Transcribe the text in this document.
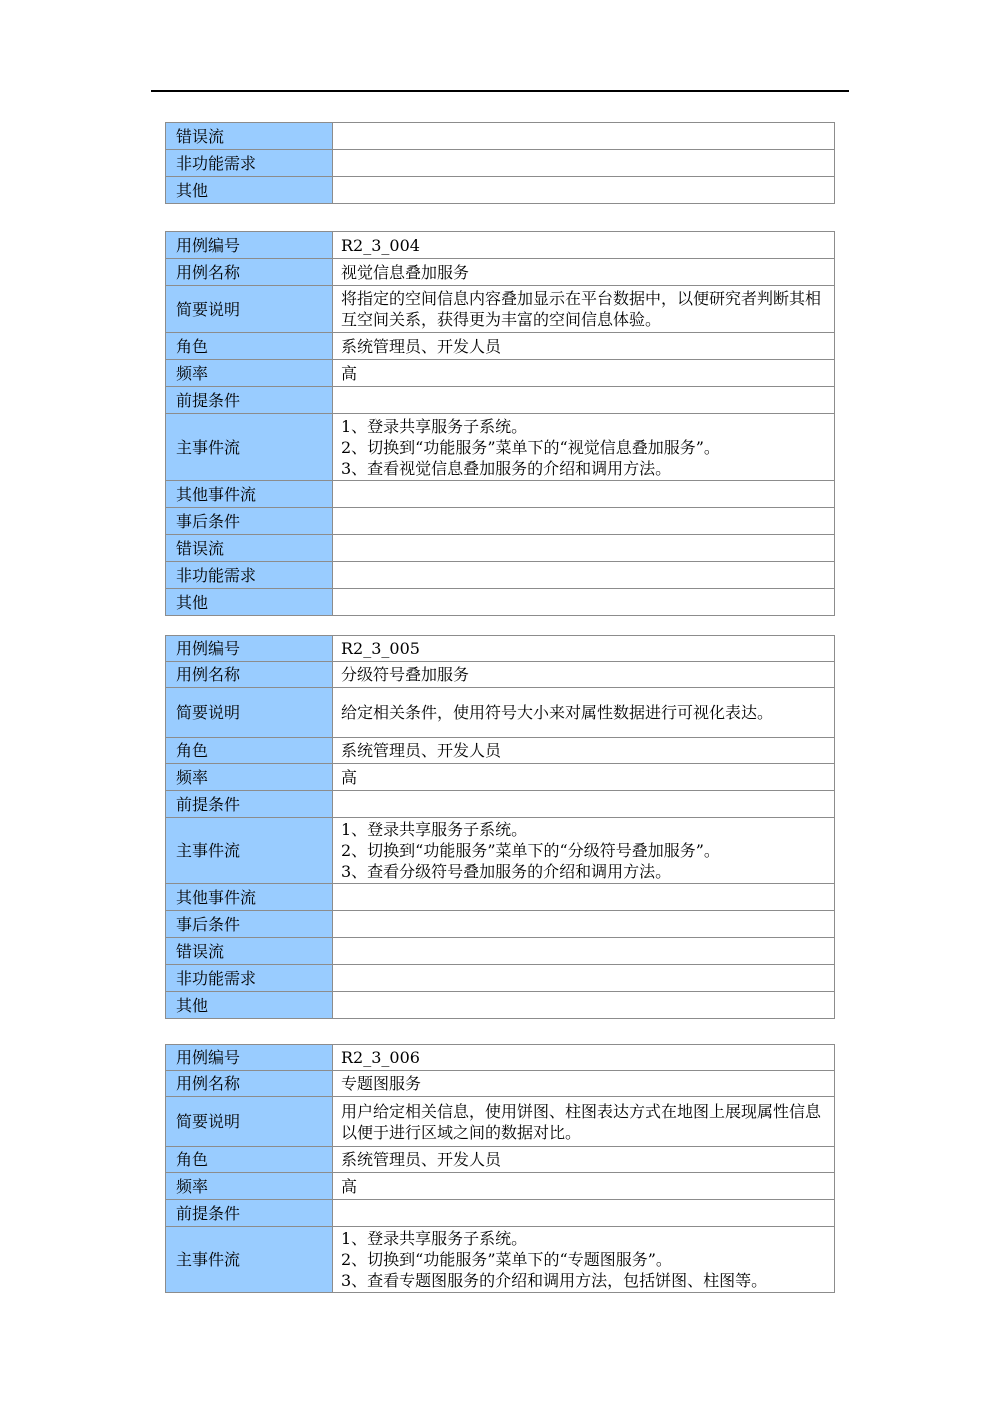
错误流	
非功能需求	
其他	
用例编号	R2_3_004
用例名称	视觉信息叠加服务
简要说明	将指定的空间信息内容叠加显示在平台数据中，以便研究者判断其相互空间关系，获得更为丰富的空间信息体验。

角色	系统管理员、开发人员
频率	高
前提条件	
主事件流	1、登录共享服务子系统。
2、切换到“功能服务”菜单下的“视觉信息叠加服务”。
3、查看视觉信息叠加服务的介绍和调用方法。

其他事件流	
事后条件	
错误流	
非功能需求	
其他	
用例编号	R2_3_005
用例名称	分级符号叠加服务
简要说明	给定相关条件，使用符号大小来对属性数据进行可视化表达。

角色	系统管理员、开发人员
频率	高
前提条件	
主事件流	1、登录共享服务子系统。
2、切换到“功能服务”菜单下的“分级符号叠加服务”。
3、查看分级符号叠加服务的介绍和调用方法。

其他事件流	
事后条件	
错误流	
非功能需求	
其他	
用例编号	R2_3_006
用例名称	专题图服务
简要说明	用户给定相关信息，使用饼图、柱图表达方式在地图上展现属性信息以便于进行区域之间的数据对比。

角色	系统管理员、开发人员
频率	高
前提条件	
主事件流	1、登录共享服务子系统。
2、切换到“功能服务”菜单下的“专题图服务”。
3、查看专题图服务的介绍和调用方法，包括饼图、柱图等。
